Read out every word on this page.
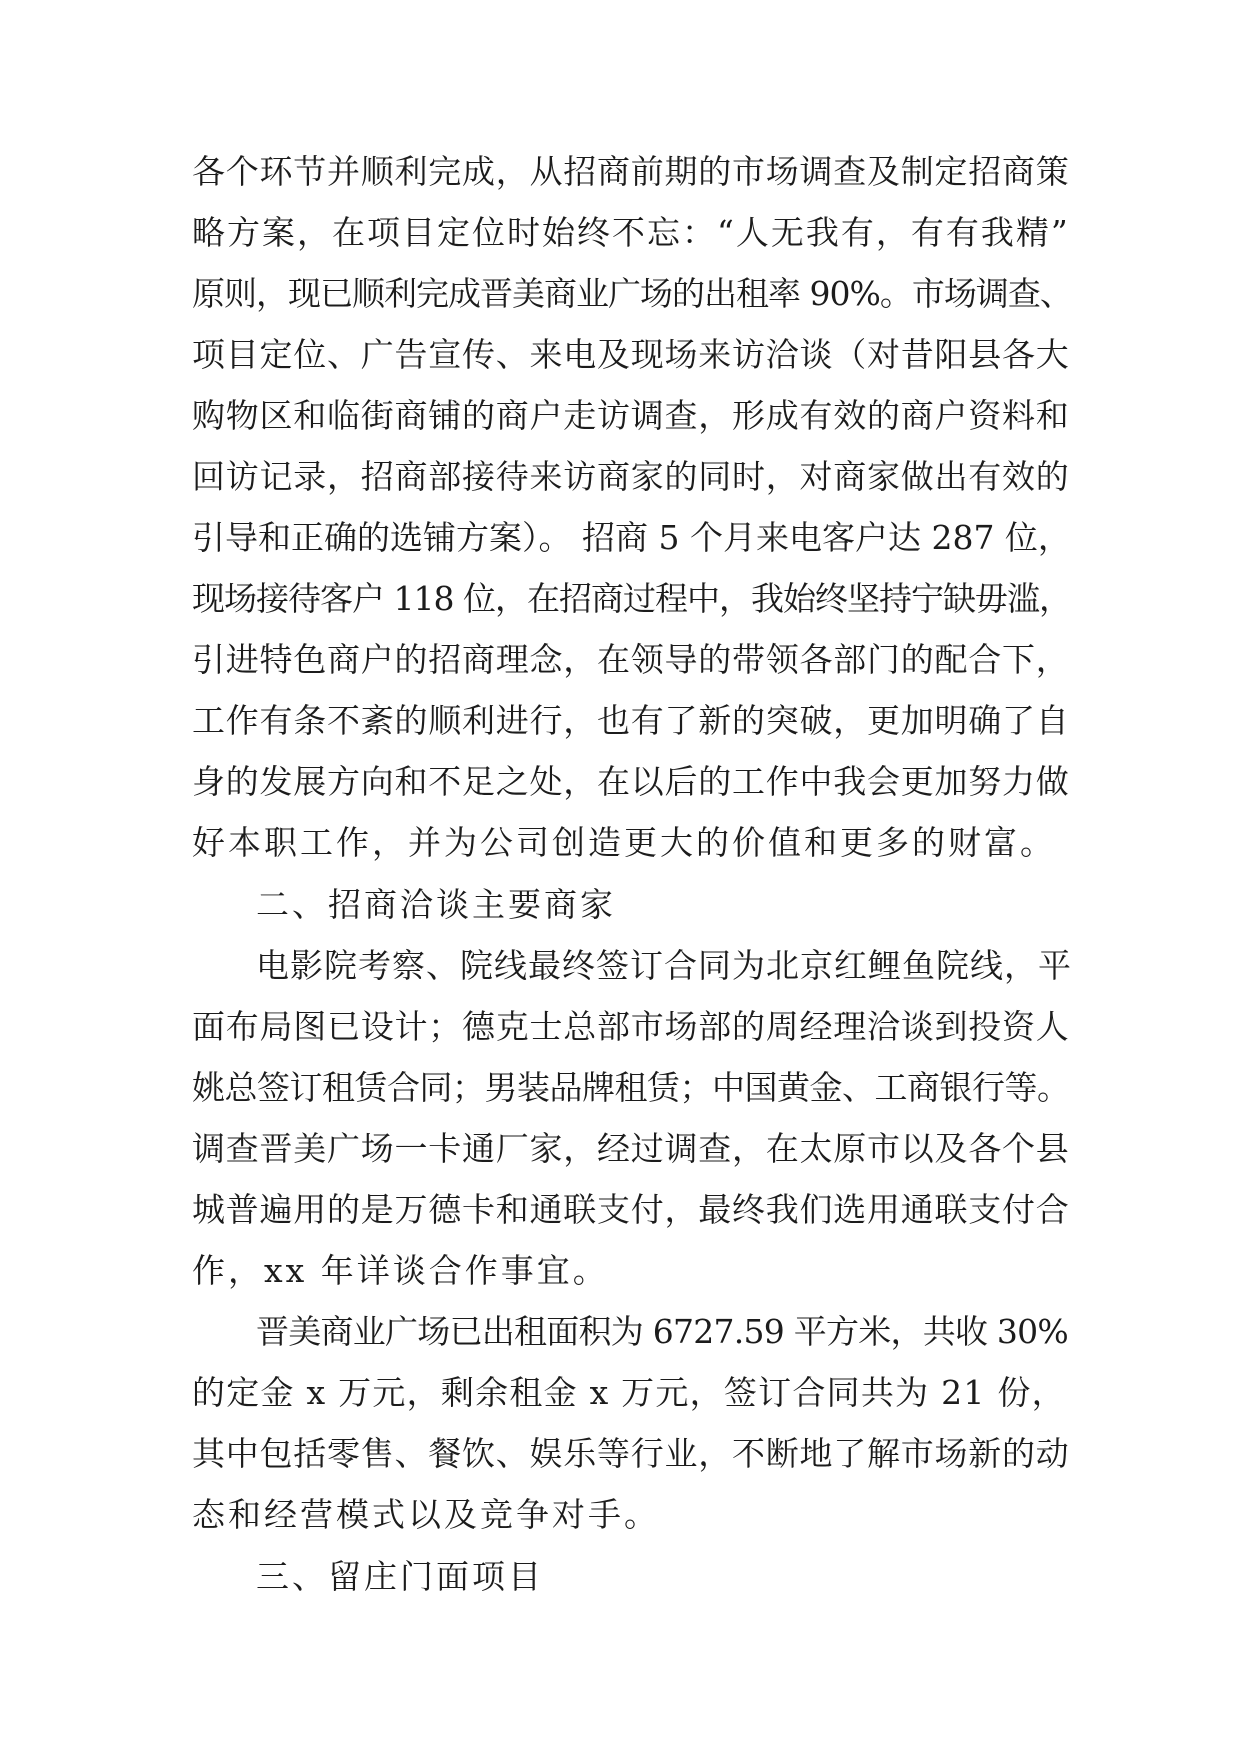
各个环节并顺利完成，从招商前期的市场调查及制定招商策
略方案，在项目定位时始终不忘：“人无我有，有有我精”
原则，现已顺利完成晋美商业广场的出租率 90%。市场调查、
项目定位、广告宣传、来电及现场来访洽谈（对昔阳县各大
购物区和临街商铺的商户走访调查，形成有效的商户资料和
回访记录，招商部接待来访商家的同时，对商家做出有效的
引导和正确的选铺方案）。 招商 5 个月来电客户达 287 位，
现场接待客户 118 位，在招商过程中，我始终坚持宁缺毋滥，
引进特色商户的招商理念，在领导的带领各部门的配合下，
工作有条不紊的顺利进行，也有了新的突破，更加明确了自
身的发展方向和不足之处，在以后的工作中我会更加努力做
好本职工作，并为公司创造更大的价值和更多的财富。
二、招商洽谈主要商家
电影院考察、院线最终签订合同为北京红鲤鱼院线，平
面布局图已设计；德克士总部市场部的周经理洽谈到投资人
姚总签订租赁合同；男装品牌租赁；中国黄金、工商银行等。
调查晋美广场一卡通厂家，经过调查，在太原市以及各个县
城普遍用的是万德卡和通联支付，最终我们选用通联支付合
作，xx 年详谈合作事宜。
晋美商业广场已出租面积为 6727.59 平方米，共收 30%
的定金 x 万元，剩余租金 x 万元，签订合同共为 21 份，
其中包括零售、餐饮、娱乐等行业，不断地了解市场新的动
态和经营模式以及竞争对手。
三、留庄门面项目
